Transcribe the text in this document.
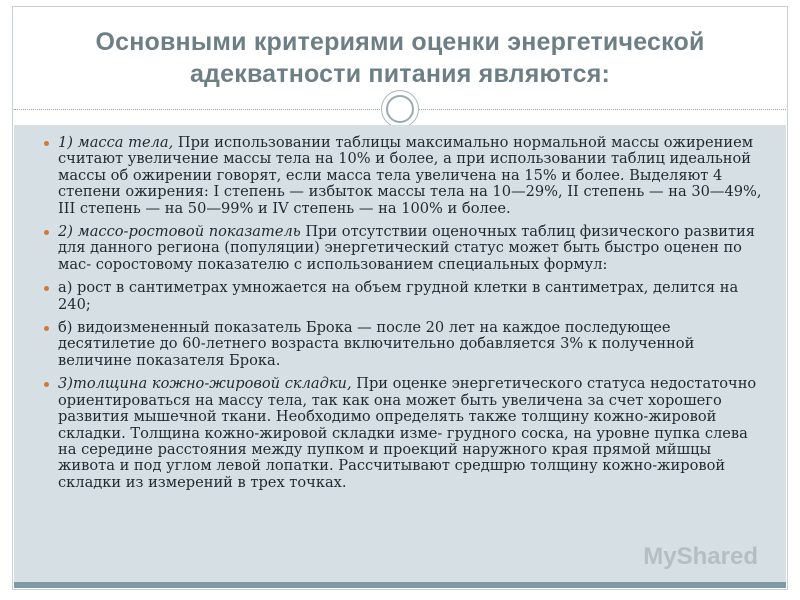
Основными критериями оценки энергетической
адекватности питания являются:
1) масса тела, При использовании таблицы максимально нормальной массы ожирением считают увеличение массы тела на 10% и более, а при использовании таблиц идеальной массы об ожирении говорят, если масса тела увеличена на 15% и более. Выделяют 4 степени ожирения: I степень — избыток массы тела на 10—29%, II степень — на 30—49%, III степень — на 50—99% и IV степень — на 100% и более.
2) массо-ростовой показатель При отсутствии оценочных таблиц физического развития для данного региона (популяции) энергетический статус может быть быстро оценен по мас- соростовому показателю с использованием специальных формул:
а) рост в сантиметрах умножается на объем грудной клетки в сантиметрах, делится на 240;
б) видоизмененный показатель Брока — после 20 лет на каждое последующее десятилетие до 60-летнего возраста включительно добавляется 3% к полученной величине показателя Брока.
3)толщина кожно-жировой складки, При оценке энергетического статуса недостаточно ориентироваться на массу тела, так как она может быть увеличена за счет хорошего развития мышечной ткани. Необходимо определять также толщину кожно-жировой складки. Толщина кожно-жировой складки изме- грудного соска, на уровне пупка слева на середине расстояния между пупком и проекций наружного края прямой мйшцы живота и под углом левой лопатки. Рассчитывают средшрю толщину кожно-жировой складки из измерений в трех точках.
MyShared
